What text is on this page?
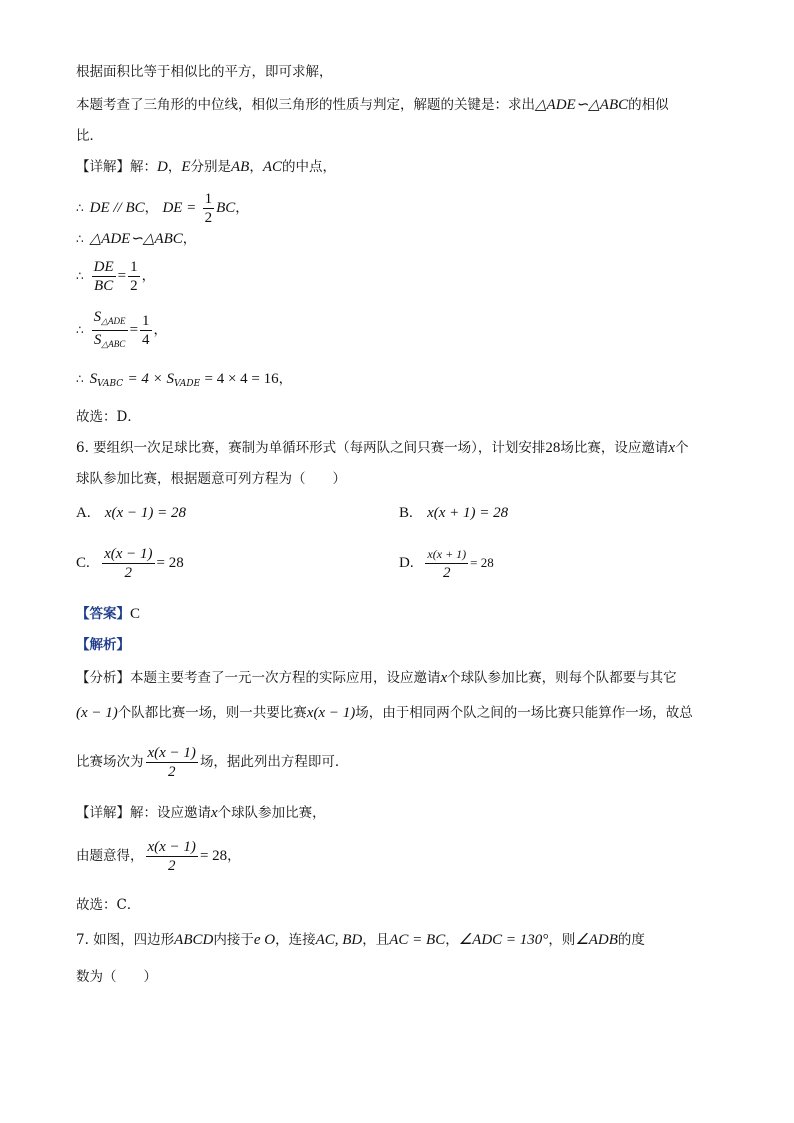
根据面积比等于相似比的平方，即可求解，
本题考查了三角形的中位线，相似三角形的性质与判定，解题的关键是：求出△ADE∽△ABC的相似
比．
【详解】解：D，E分别是AB，AC的中点，
∴ DE // BC， DE = $\frac{1}{2}$ BC，
∴ △ADE∽△ABC，
∴ $\frac{DE}{BC} = \frac{1}{2}$ ，
∴ $\frac{S_{\triangle ADE}}{S_{\triangle ABC}} = \frac{1}{4}$ ，
∴ $S_{VABC} = 4 \times S_{VADE} = 4 \times 4 = 16$，
故选：D．
6. 要组织一次足球比赛，赛制为单循环形式（每两队之间只赛一场），计划安排28场比赛，设应邀请x个
球队参加比赛，根据题意可列方程为（　　）
A. x(x − 1) = 28	B. x(x + 1) = 28
C. $\frac{x(x - 1)}{2} = 28$	D. $\frac{x(x + 1)}{2} = 28$
【答案】C
【解析】
【分析】本题主要考查了一元一次方程的实际应用，设应邀请x个球队参加比赛，则每个队都要与其它
(x − 1)个队都比赛一场，则一共要比赛x(x − 1)场，由于相同两个队之间的一场比赛只能算作一场，故总
比赛场次为 $\frac{x(x - 1)}{2}$ 场，据此列出方程即可．
【详解】解：设应邀请x个球队参加比赛，
由题意得， $\frac{x(x - 1)}{2} = 28$，
故选：C．
7. 如图，四边形ABCD内接于e O，连接AC, BD，且AC = BC，∠ADC = 130°，则∠ADB的度
数为（　　）
